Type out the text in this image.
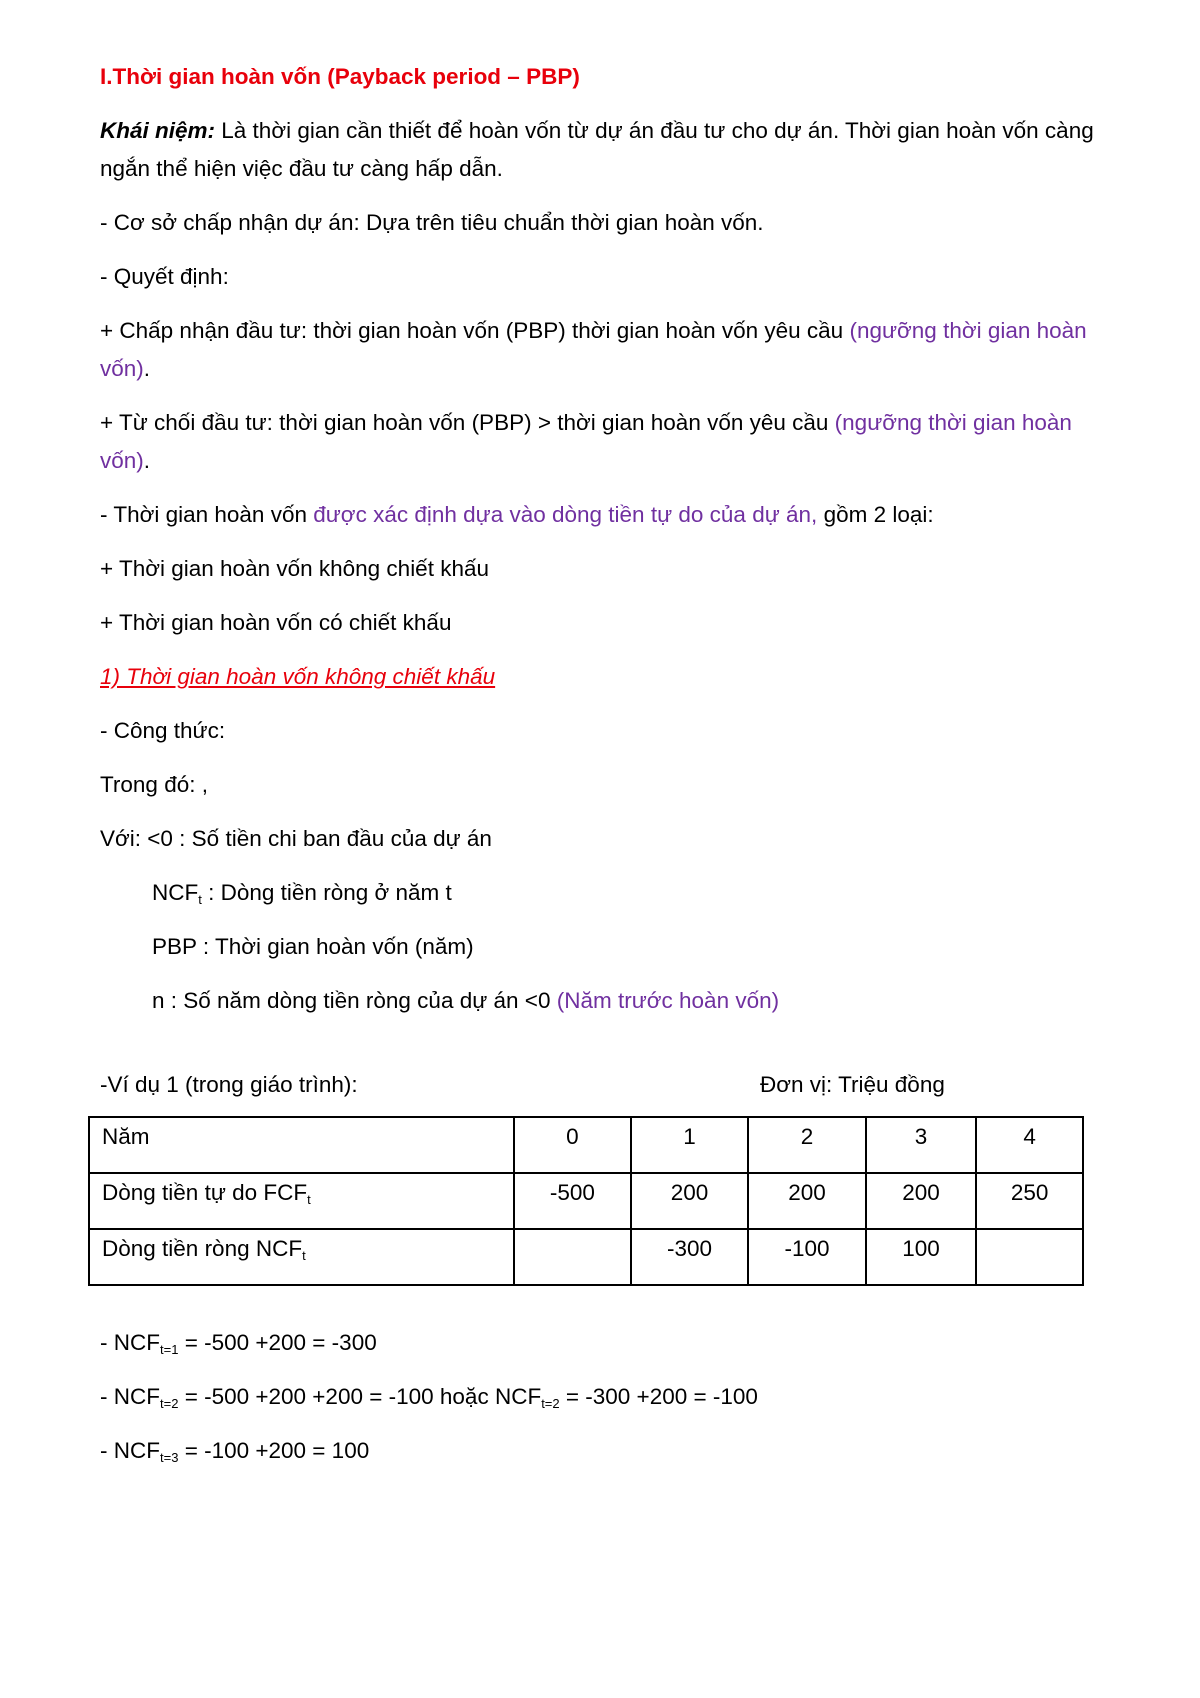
I.Thời gian hoàn vốn (Payback period – PBP)

Khái niệm: Là thời gian cần thiết để hoàn vốn từ dự án đầu tư cho dự án. Thời gian hoàn vốn càng ngắn thể hiện việc đầu tư càng hấp dẫn.

- Cơ sở chấp nhận dự án: Dựa trên tiêu chuẩn thời gian hoàn vốn.

- Quyết định:

+ Chấp nhận đầu tư: thời gian hoàn vốn (PBP) thời gian hoàn vốn yêu cầu (ngưỡng thời gian hoàn vốn).

+ Từ chối đầu tư: thời gian hoàn vốn (PBP) > thời gian hoàn vốn yêu cầu (ngưỡng thời gian hoàn vốn).

- Thời gian hoàn vốn được xác định dựa vào dòng tiền tự do của dự án, gồm 2 loại:

+ Thời gian hoàn vốn không chiết khấu

+ Thời gian hoàn vốn có chiết khấu

1) Thời gian hoàn vốn không chiết khấu

- Công thức:

Trong đó: ,

Với: <0 : Số tiền chi ban đầu của dự án

$NCF_t$ : Dòng tiền ròng ở năm t

PBP : Thời gian hoàn vốn (năm)

n : Số năm dòng tiền ròng của dự án <0 (Năm trước hoàn vốn)

-Ví dụ 1 (trong giáo trình):	Đơn vị: Triệu đồng
Năm	0	1	2	3	4
Dòng tiền tự do $FCF_t$	-500	200	200	200	250
Dòng tiền ròng $NCF_t$		-300	-100	100	

- $NCF_{t=1} = -500 +200 = -300$

- $NCF_{t=2} = -500 +200 +200 = -100$ hoặc $NCF_{t=2} = -300 +200 = -100$

- $NCF_{t=3} = -100 +200 = 100$
